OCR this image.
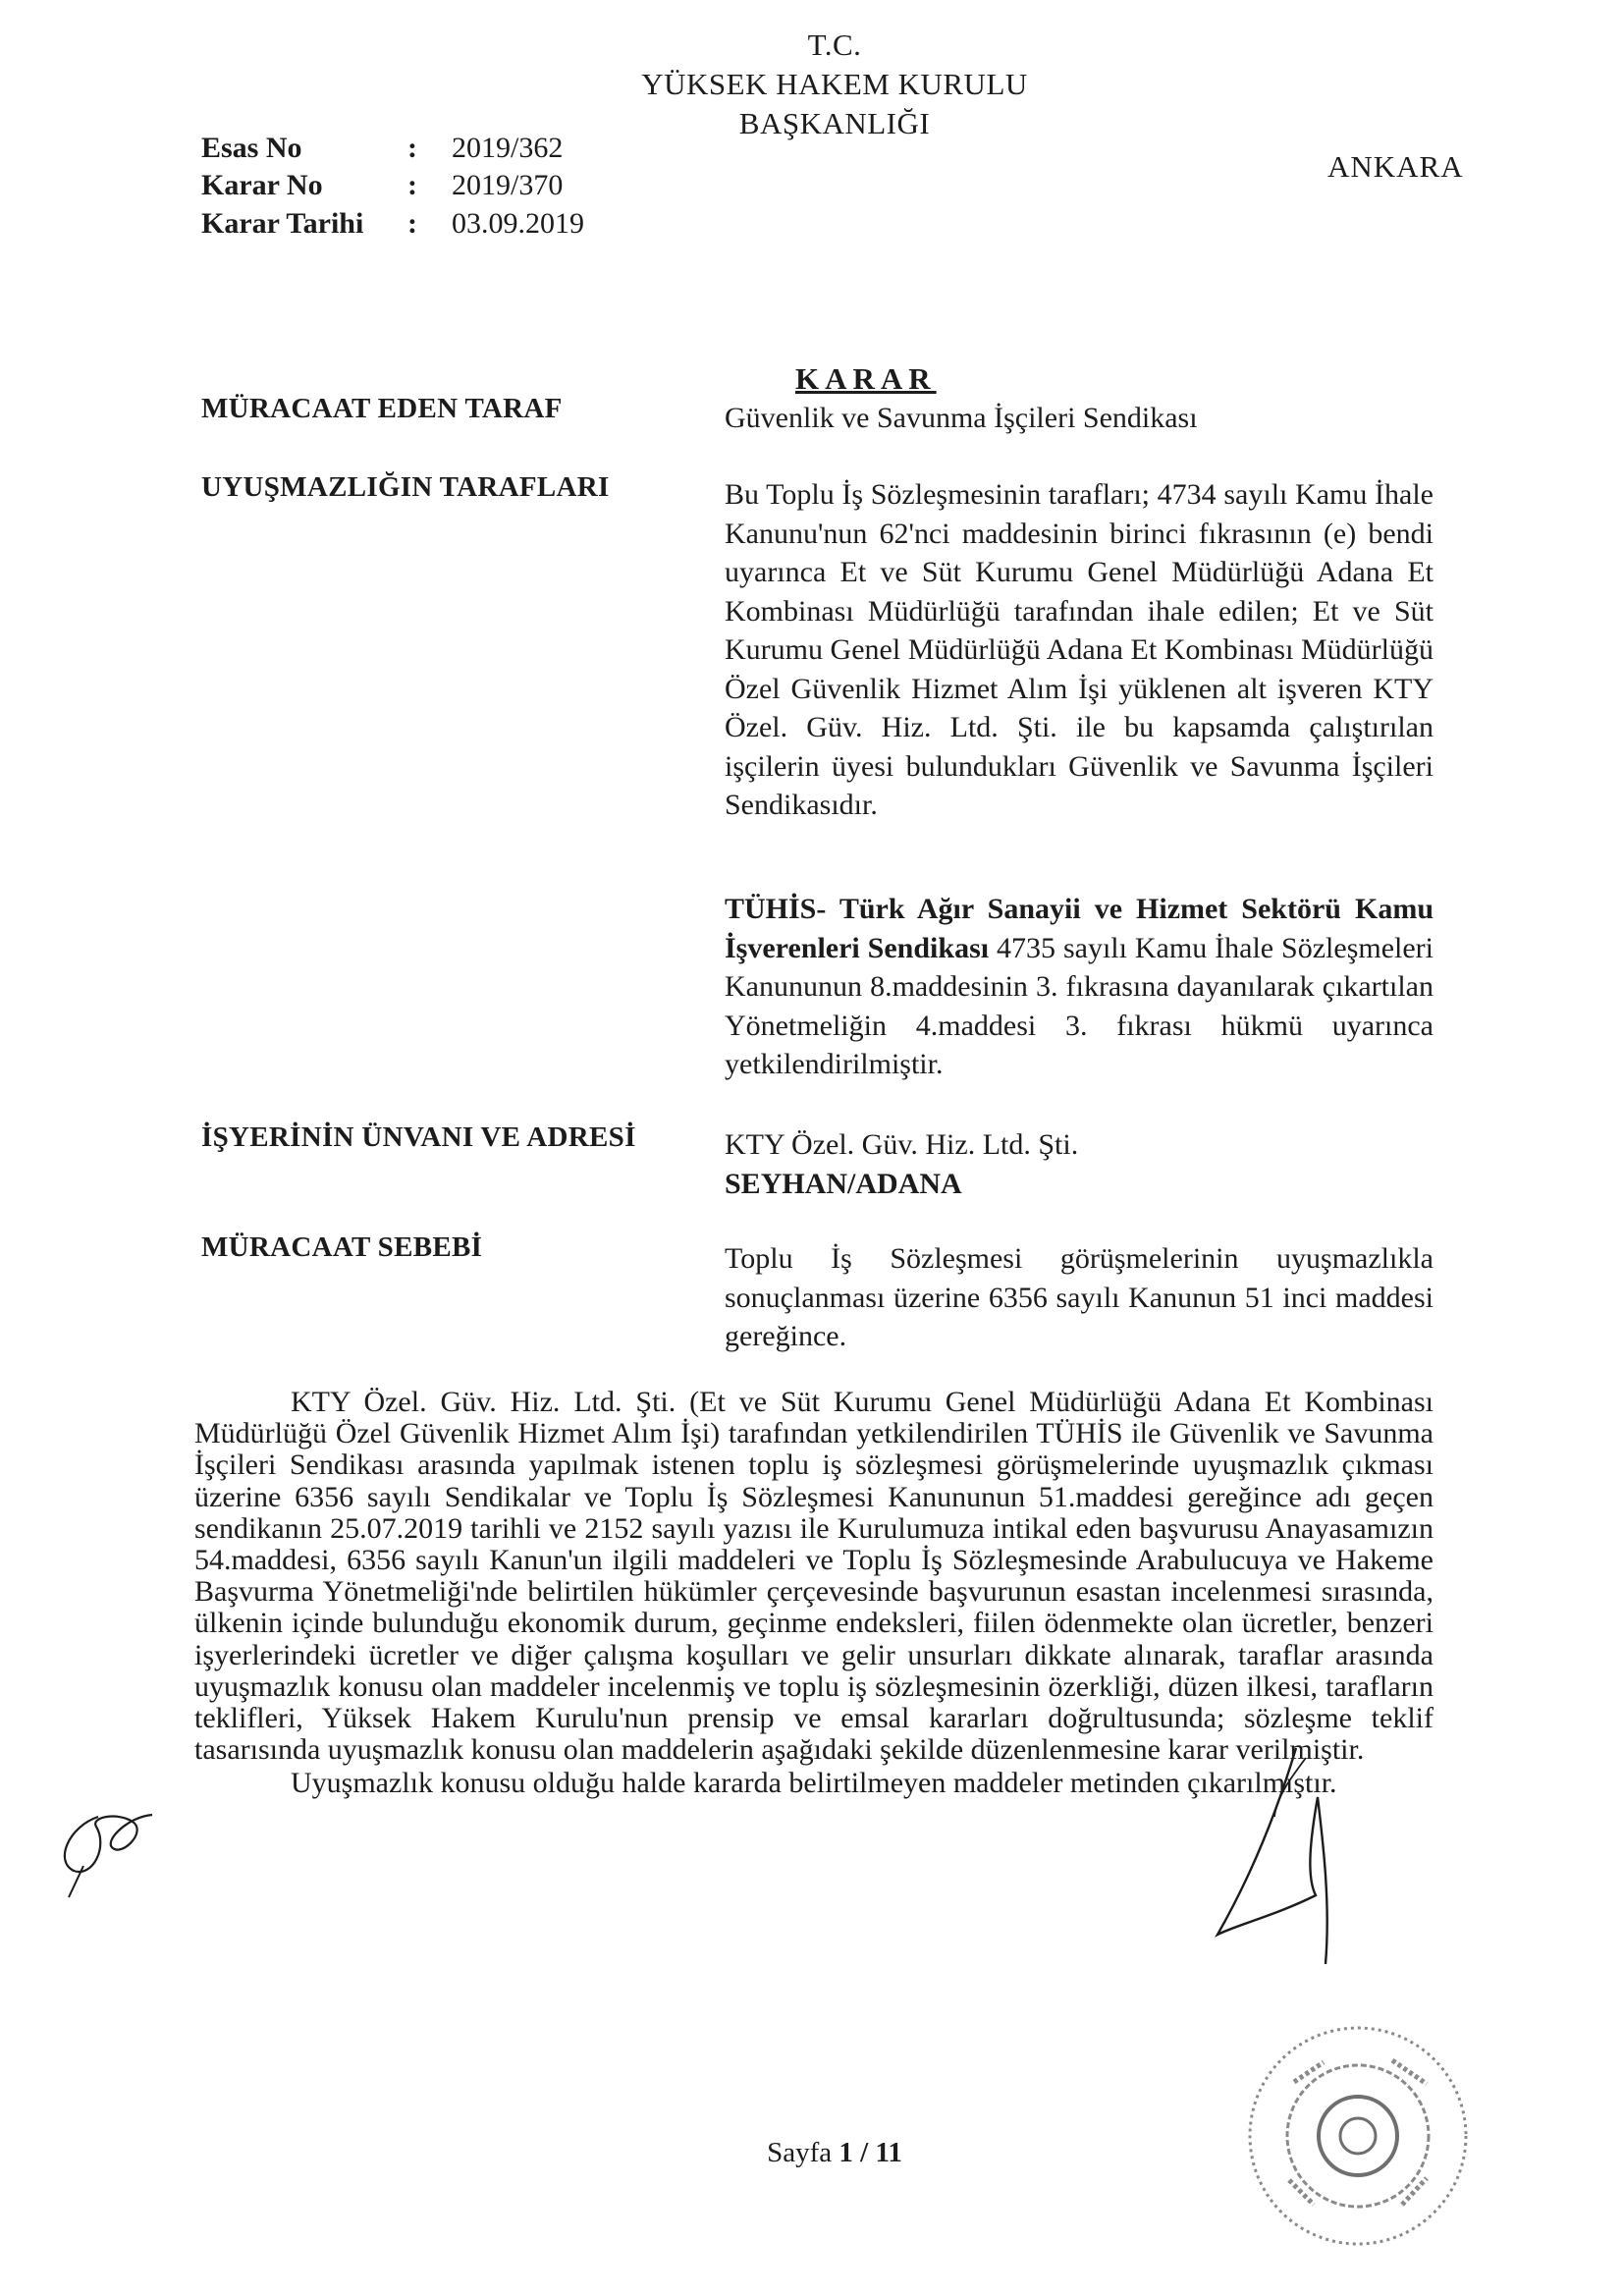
T.C.
YÜKSEK HAKEM KURULU
BAŞKANLIĞI
ANKARA
Esas No	:	2019/362
Karar No	:	2019/370
Karar Tarihi	:	03.09.2019
KARAR
MÜRACAAT EDEN TARAF	Güvenlik ve Savunma İşçileri Sendikası

UYUŞMAZLIĞIN TARAFLARI	Bu Toplu İş Sözleşmesinin tarafları; 4734 sayılı Kamu İhale Kanunu'nun 62'nci maddesinin birinci fıkrasının (e) bendi uyarınca Et ve Süt Kurumu Genel Müdürlüğü Adana Et Kombinası Müdürlüğü tarafından ihale edilen; Et ve Süt Kurumu Genel Müdürlüğü Adana Et Kombinası Müdürlüğü Özel Güvenlik Hizmet Alım İşi yüklenen alt işveren KTY Özel. Güv. Hiz. Ltd. Şti. ile bu kapsamda çalıştırılan işçilerin üyesi bulundukları Güvenlik ve Savunma İşçileri Sendikasıdır.

TÜHİS- Türk Ağır Sanayii ve Hizmet Sektörü Kamu İşverenleri Sendikası 4735 sayılı Kamu İhale Sözleşmeleri Kanununun 8.maddesinin 3. fıkrasına dayanılarak çıkartılan Yönetmeliğin 4.maddesi 3. fıkrası hükmü uyarınca yetkilendirilmiştir.

İŞYERİNİN ÜNVANI VE ADRESİ	KTY Özel. Güv. Hiz. Ltd. Şti.

SEYHAN/ADANA

MÜRACAAT SEBEBİ	Toplu İş Sözleşmesi görüşmelerinin uyuşmazlıkla sonuçlanması üzerine 6356 sayılı Kanunun 51 inci maddesi gereğince.

KTY Özel. Güv. Hiz. Ltd. Şti. (Et ve Süt Kurumu Genel Müdürlüğü Adana Et Kombinası Müdürlüğü Özel Güvenlik Hizmet Alım İşi) tarafından yetkilendirilen TÜHİS ile Güvenlik ve Savunma İşçileri Sendikası arasında yapılmak istenen toplu iş sözleşmesi görüşmelerinde uyuşmazlık çıkması üzerine 6356 sayılı Sendikalar ve Toplu İş Sözleşmesi Kanununun 51.maddesi gereğince adı geçen sendikanın 25.07.2019 tarihli ve 2152 sayılı yazısı ile Kurulumuza intikal eden başvurusu Anayasamızın 54.maddesi, 6356 sayılı Kanun'un ilgili maddeleri ve Toplu İş Sözleşmesinde Arabulucuya ve Hakeme Başvurma Yönetmeliği'nde belirtilen hükümler çerçevesinde başvurunun esastan incelenmesi sırasında, ülkenin içinde bulunduğu ekonomik durum, geçinme endeksleri, fiilen ödenmekte olan ücretler, benzeri işyerlerindeki ücretler ve diğer çalışma koşulları ve gelir unsurları dikkate alınarak, taraflar arasında uyuşmazlık konusu olan maddeler incelenmiş ve toplu iş sözleşmesinin özerkliği, düzen ilkesi, tarafların teklifleri, Yüksek Hakem Kurulu'nun prensip ve emsal kararları doğrultusunda; sözleşme teklif tasarısında uyuşmazlık konusu olan maddelerin aşağıdaki şekilde düzenlenmesine karar verilmiştir.

Uyuşmazlık konusu olduğu halde kararda belirtilmeyen maddeler metinden çıkarılmıştır.

Sayfa 1 / 11
